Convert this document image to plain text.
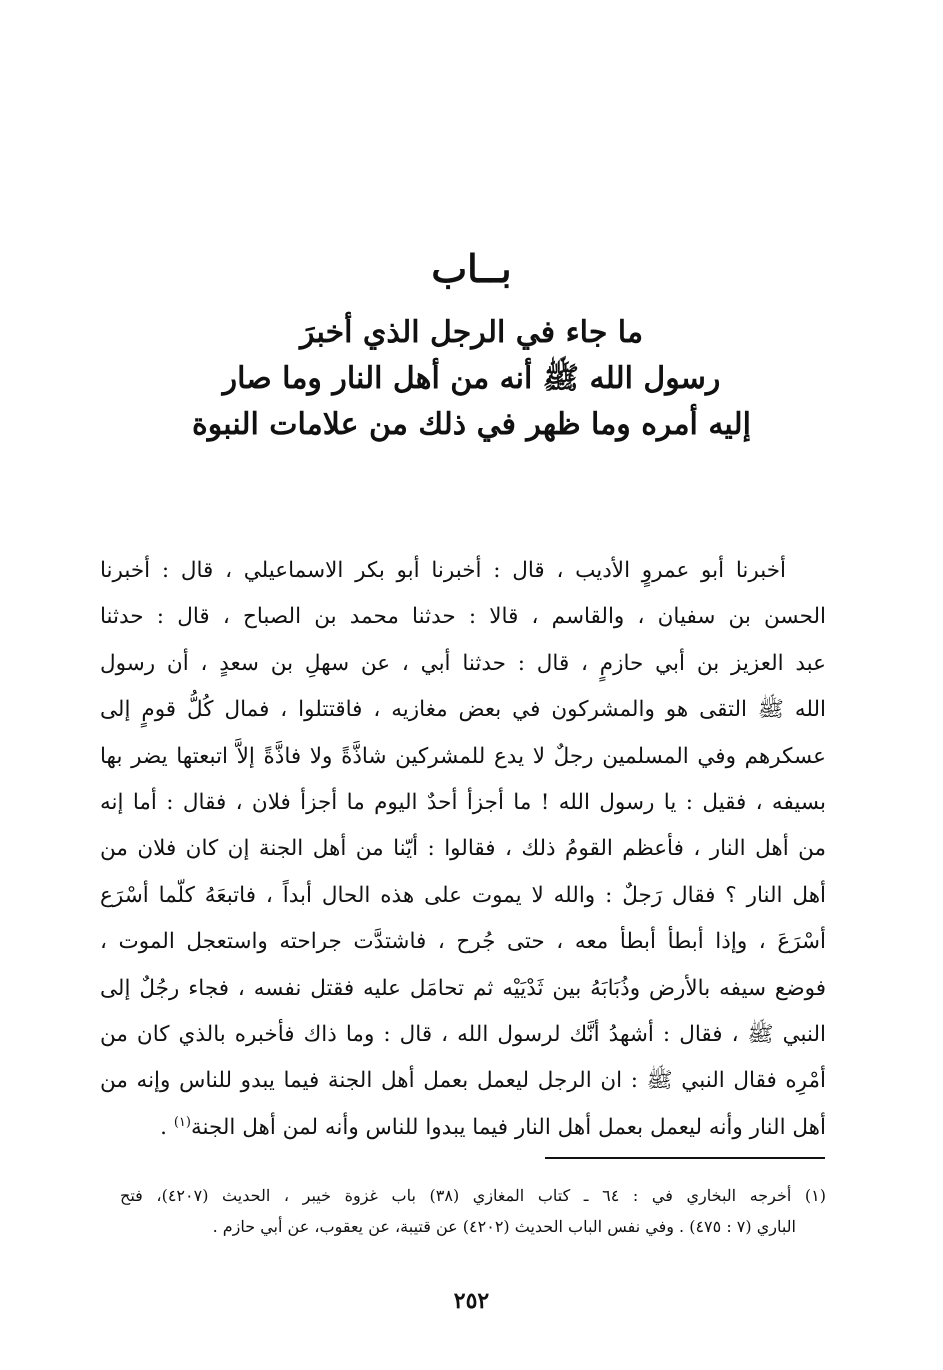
بــاب
ما جاء في الرجل الذي أخبرَ
رسول الله ﷺ أنه من أهل النار وما صار
إليه أمره وما ظهر في ذلك من علامات النبوة
أخبرنا أبو عمروٍ الأديب ، قال : أخبرنا أبو بكر الاسماعيلي ، قال : أخبرنا
الحسن بن سفيان ، والقاسم ، قالا : حدثنا محمد بن الصباح ، قال : حدثنا
عبد العزيز بن أبي حازمٍ ، قال : حدثنا أبي ، عن سهلِ بن سعدٍ ، أن رسول
الله ﷺ التقى هو والمشركون في بعض مغازيه ، فاقتتلوا ، فمال كُلُّ قومٍ إلى
عسكرهم وفي المسلمين رجلٌ لا يدع للمشركين شاذَّةً ولا فاذَّةً إلاَّ اتبعتها يضر بها
بسيفه ، فقيل : يا رسول الله ! ما أجزأ أحدٌ اليوم ما أجزأ فلان ، فقال : أما إنه
من أهل النار ، فأعظم القومُ ذلك ، فقالوا : أيّنا من أهل الجنة إن كان فلان من
أهل النار ؟ فقال رَجلٌ : والله لا يموت على هذه الحال أبداً ، فاتبعَهُ كلّما أسْرَع
أسْرَعَ ، وإذا أبطأ أبطأ معه ، حتى جُرح ، فاشتدَّت جراحته واستعجل الموت ،
فوضع سيفه بالأرض وذُبَابَهُ بين ثَدْيَيْه ثم تحامَل عليه فقتل نفسه ، فجاء رجُلٌ إلى
النبي ﷺ ، فقال : أشهدُ أنَّك لرسول الله ، قال : وما ذاك فأخبره بالذي كان من
أمْرِه فقال النبي ﷺ : ان الرجل ليعمل بعمل أهل الجنة فيما يبدو للناس وإنه من
أهل النار وأنه ليعمل بعمل أهل النار فيما يبدوا للناس وأنه لمن أهل الجنة$^{(١)}$ .
(١) أخرجه البخاري في : ٦٤ ـ كتاب المغازي (٣٨) باب غزوة خيبر ، الحديث (٤٢٠٧)، فتح
الباري (٧ : ٤٧٥) . وفي نفس الباب الحديث (٤٢٠٢) عن قتيبة، عن يعقوب، عن أبي حازم .
٢٥٢
